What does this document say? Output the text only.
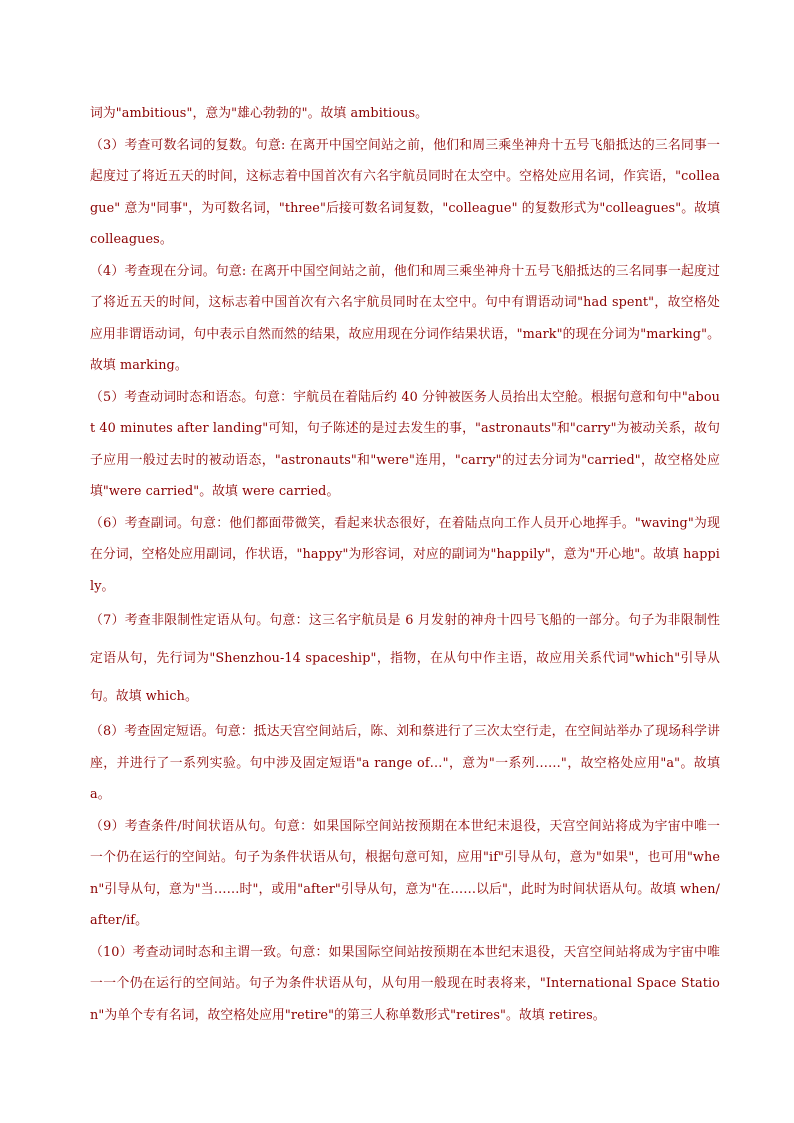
词为"ambitious"，意为"雄心勃勃的"。故填 ambitious。

（3）考查可数名词的复数。句意: 在离开中国空间站之前，他们和周三乘坐神舟十五号飞船抵达的三名同事一起度过了将近五天的时间，这标志着中国首次有六名宇航员同时在太空中。空格处应用名词，作宾语，"colleague" 意为"同事"，为可数名词，"three"后接可数名词复数，"colleague" 的复数形式为"colleagues"。故填 colleagues。

（4）考查现在分词。句意: 在离开中国空间站之前，他们和周三乘坐神舟十五号飞船抵达的三名同事一起度过了将近五天的时间，这标志着中国首次有六名宇航员同时在太空中。句中有谓语动词"had spent"，故空格处应用非谓语动词，句中表示自然而然的结果，故应用现在分词作结果状语，"mark"的现在分词为"marking"。故填 marking。

（5）考查动词时态和语态。句意：宇航员在着陆后约 40 分钟被医务人员抬出太空舱。根据句意和句中"about 40 minutes after landing"可知，句子陈述的是过去发生的事，"astronauts"和"carry"为被动关系，故句子应用一般过去时的被动语态，"astronauts"和"were"连用，"carry"的过去分词为"carried"，故空格处应填"were carried"。故填 were carried。

（6）考查副词。句意：他们都面带微笑，看起来状态很好，在着陆点向工作人员开心地挥手。"waving"为现在分词，空格处应用副词，作状语，"happy"为形容词，对应的副词为"happily"，意为"开心地"。故填 happily。

（7）考查非限制性定语从句。句意：这三名宇航员是 6 月发射的神舟十四号飞船的一部分。句子为非限制性定语从句，先行词为"Shenzhou-14 spaceship"，指物，在从句中作主语，故应用关系代词"which"引导从句。故填 which。

（8）考查固定短语。句意：抵达天宫空间站后，陈、刘和蔡进行了三次太空行走，在空间站举办了现场科学讲座，并进行了一系列实验。句中涉及固定短语"a range of…"，意为"一系列……"，故空格处应用"a"。故填 a。

（9）考查条件/时间状语从句。句意：如果国际空间站按预期在本世纪末退役，天宫空间站将成为宇宙中唯一一个仍在运行的空间站。句子为条件状语从句，根据句意可知，应用"if"引导从句，意为"如果"，也可用"when"引导从句，意为"当……时"，或用"after"引导从句，意为"在……以后"，此时为时间状语从句。故填 when/after/if。

（10）考查动词时态和主谓一致。句意：如果国际空间站按预期在本世纪末退役，天宫空间站将成为宇宙中唯一一个仍在运行的空间站。句子为条件状语从句，从句用一般现在时表将来，"International Space Station"为单个专有名词，故空格处应用"retire"的第三人称单数形式"retires"。故填 retires。
